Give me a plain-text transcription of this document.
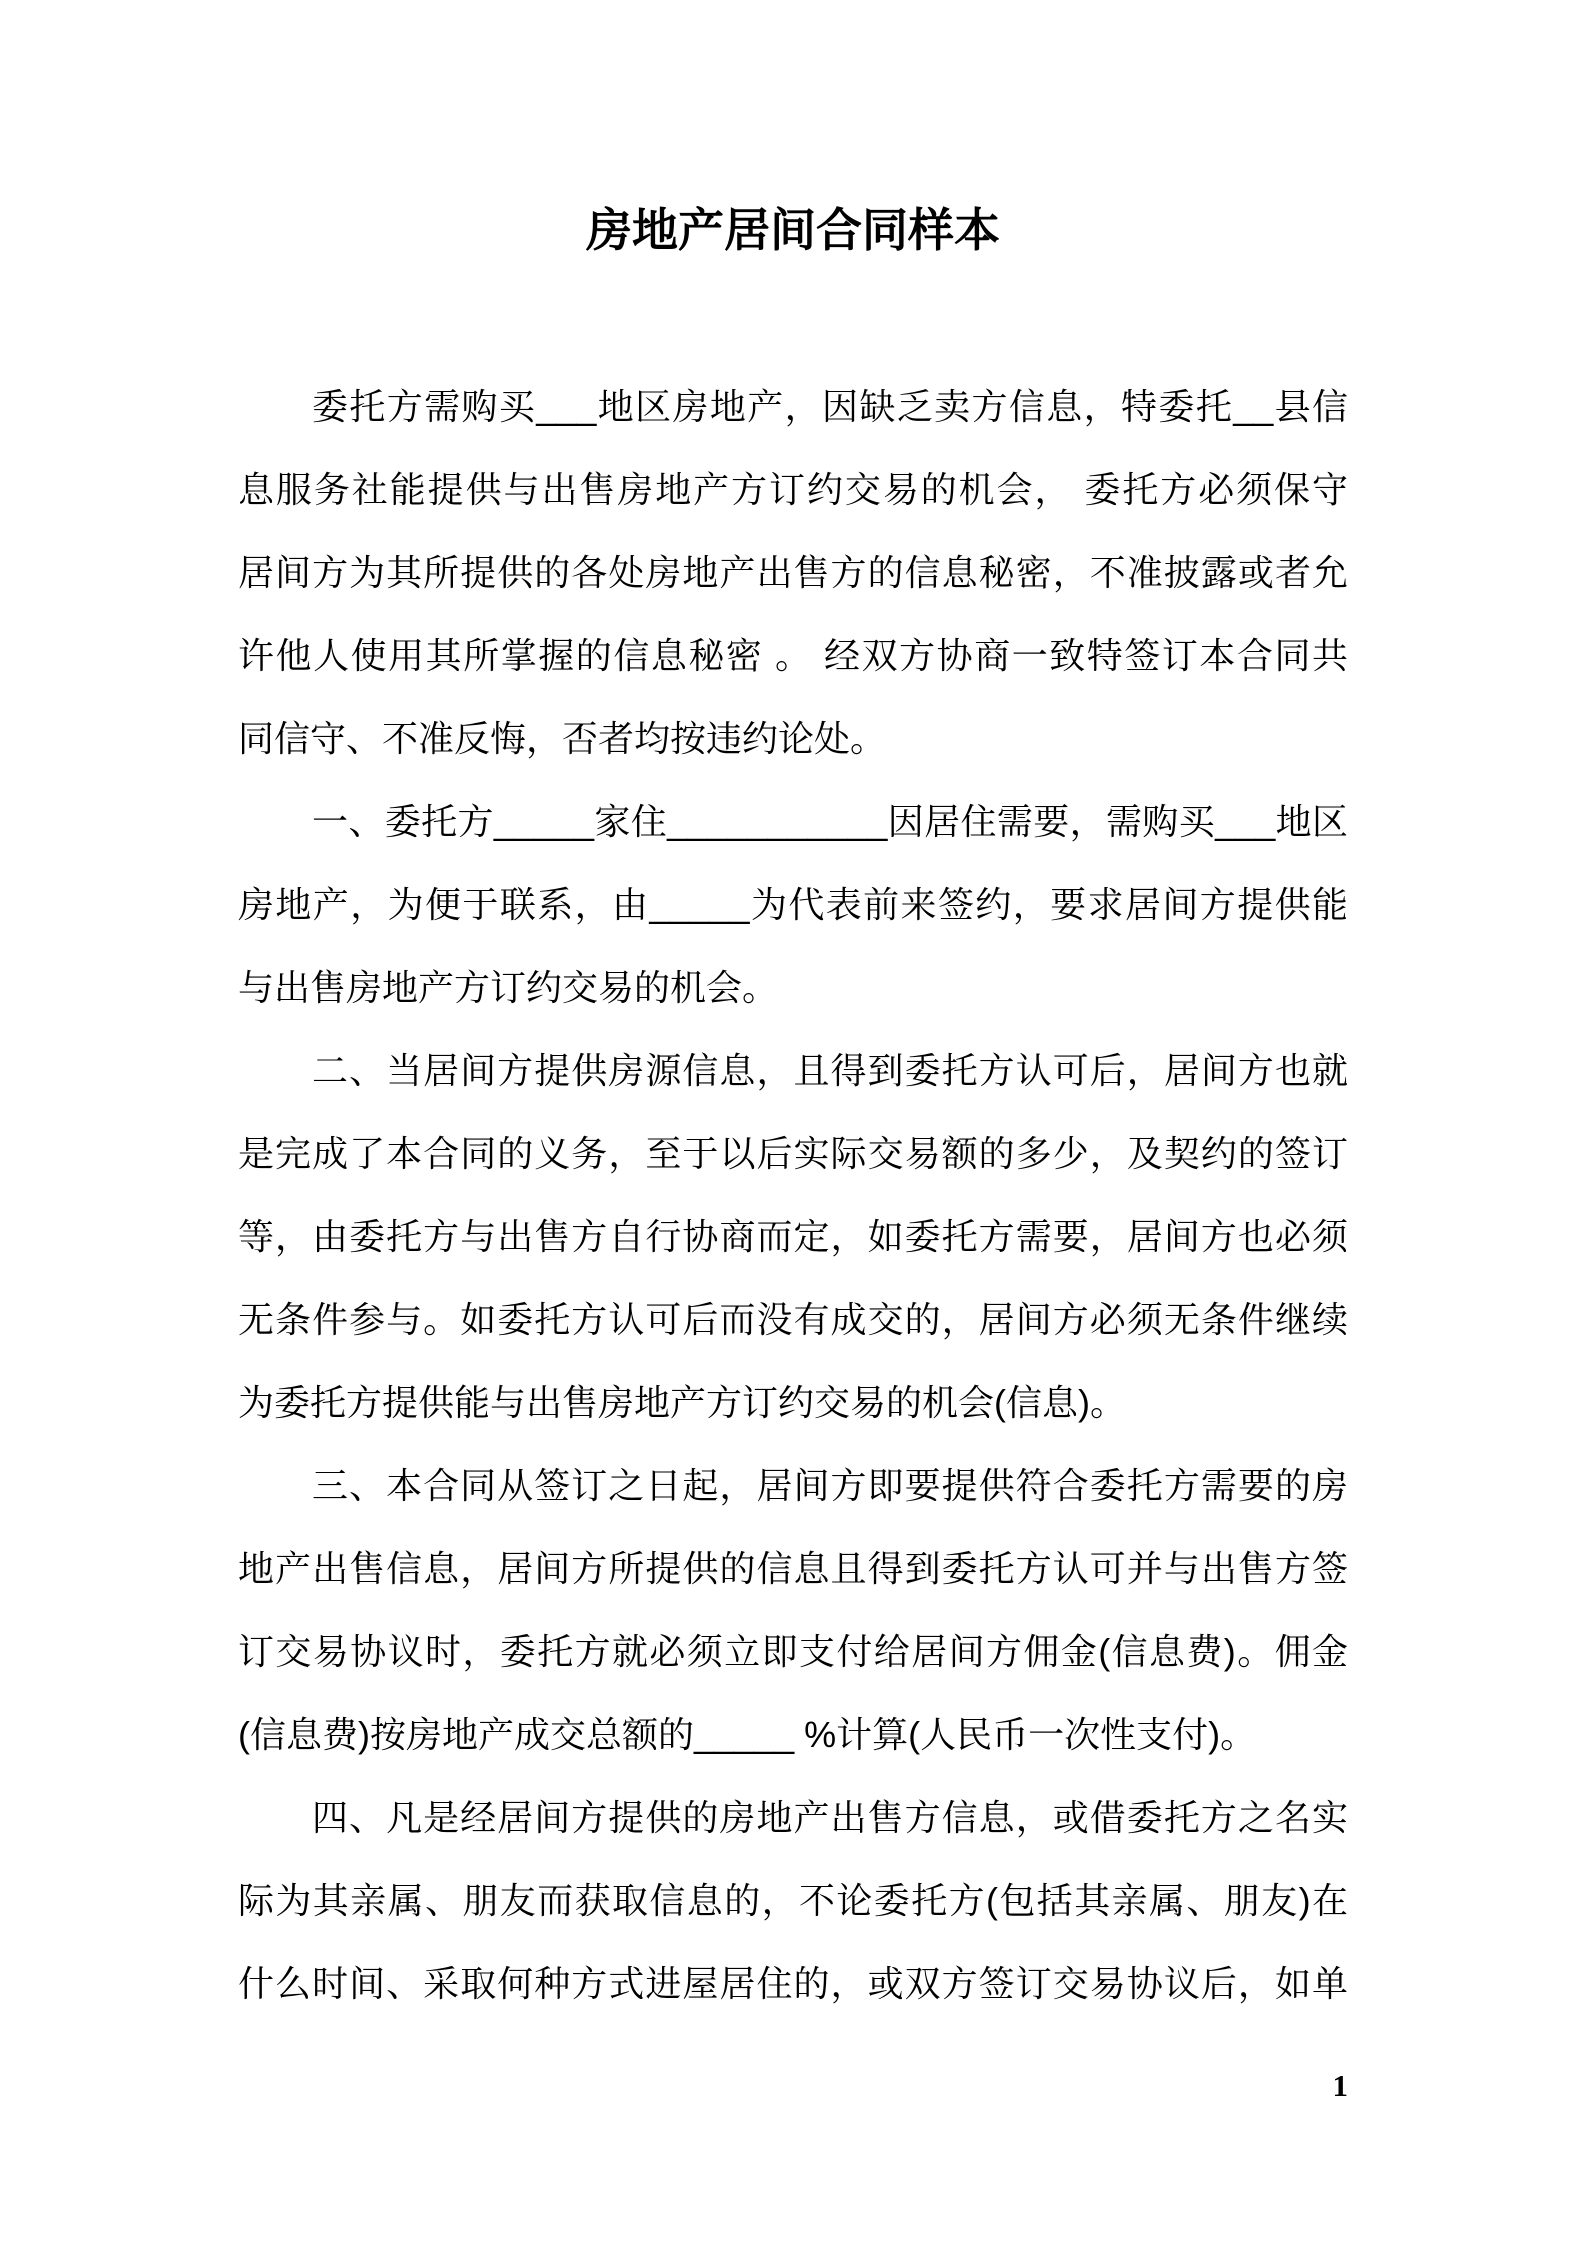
房地产居间合同样本
委托方需购买___地区房地产，因缺乏卖方信息，特委托__县信
息服务社能提供与出售房地产方订约交易的机会， 委托方必须保守
居间方为其所提供的各处房地产出售方的信息秘密，不准披露或者允
许他人使用其所掌握的信息秘密 。 经双方协商一致特签订本合同共
同信守、不准反悔，否者均按违约论处。
一、委托方_____家住___________因居住需要，需购买___地区
房地产，为便于联系，由_____为代表前来签约，要求居间方提供能
与出售房地产方订约交易的机会。
二、当居间方提供房源信息，且得到委托方认可后，居间方也就
是完成了本合同的义务，至于以后实际交易额的多少，及契约的签订
等，由委托方与出售方自行协商而定，如委托方需要，居间方也必须
无条件参与。如委托方认可后而没有成交的，居间方必须无条件继续
为委托方提供能与出售房地产方订约交易的机会(信息)。
三、本合同从签订之日起，居间方即要提供符合委托方需要的房
地产出售信息，居间方所提供的信息且得到委托方认可并与出售方签
订交易协议时，委托方就必须立即支付给居间方佣金(信息费)。佣金
(信息费)按房地产成交总额的_____ %计算(人民币一次性支付)。
四、凡是经居间方提供的房地产出售方信息，或借委托方之名实
际为其亲属、朋友而获取信息的，不论委托方(包括其亲属、朋友)在
什么时间、采取何种方式进屋居住的，或双方签订交易协议后，如单
1
